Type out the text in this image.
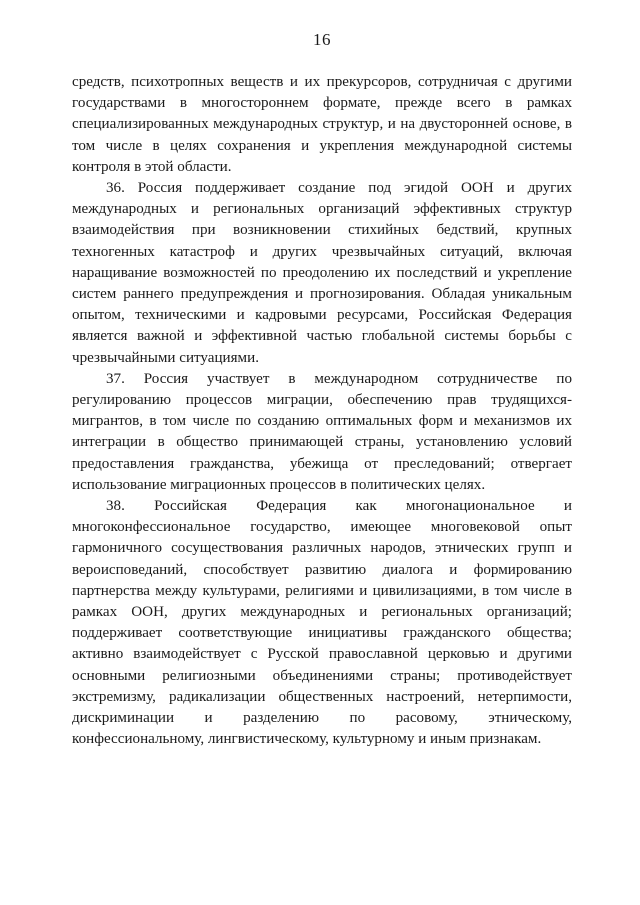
16

средств, психотропных веществ и их прекурсоров, сотрудничая с другими государствами в многостороннем формате, прежде всего в рамках специализированных международных структур, и на двусторонней основе, в том числе в целях сохранения и укрепления международной системы контроля в этой области.

36. Россия поддерживает создание под эгидой ООН и других международных и региональных организаций эффективных структур взаимодействия при возникновении стихийных бедствий, крупных техногенных катастроф и других чрезвычайных ситуаций, включая наращивание возможностей по преодолению их последствий и укрепление систем раннего предупреждения и прогнозирования. Обладая уникальным опытом, техническими и кадровыми ресурсами, Российская Федерация является важной и эффективной частью глобальной системы борьбы с чрезвычайными ситуациями.

37. Россия участвует в международном сотрудничестве по регулированию процессов миграции, обеспечению прав трудящихся-мигрантов, в том числе по созданию оптимальных форм и механизмов их интеграции в общество принимающей страны, установлению условий предоставления гражданства, убежища от преследований; отвергает использование миграционных процессов в политических целях.

38. Российская Федерация как многонациональное и многоконфессиональное государство, имеющее многовековой опыт гармоничного сосуществования различных народов, этнических групп и вероисповеданий, способствует развитию диалога и формированию партнерства между культурами, религиями и цивилизациями, в том числе в рамках ООН, других международных и региональных организаций; поддерживает соответствующие инициативы гражданского общества; активно взаимодействует с Русской православной церковью и другими основными религиозными объединениями страны; противодействует экстремизму, радикализации общественных настроений, нетерпимости, дискриминации и разделению по расовому, этническому, конфессиональному, лингвистическому, культурному и иным признакам.
